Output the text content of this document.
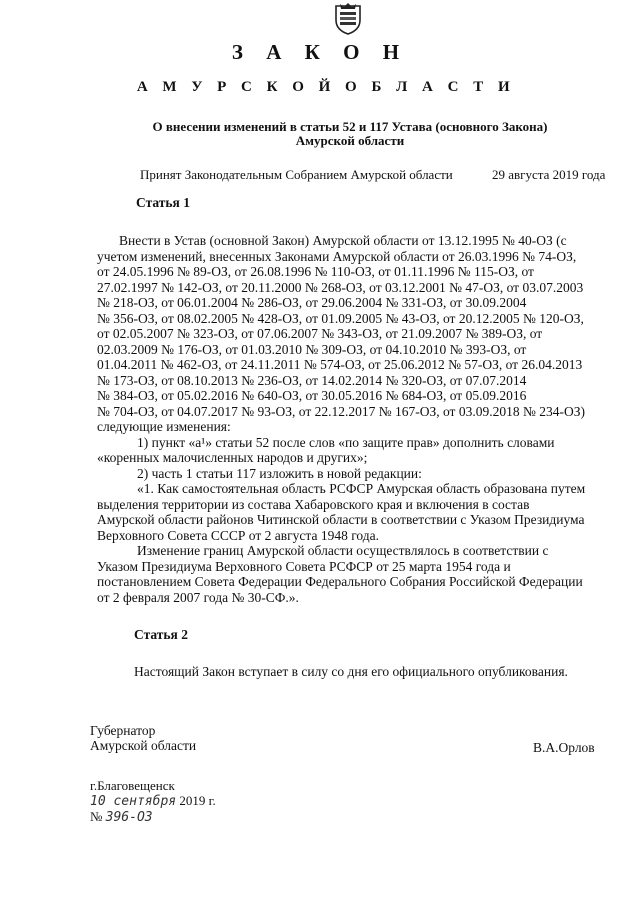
З А К О Н
А М У Р С К О Й О Б Л А С Т И
О внесении изменений в статьи 52 и 117 Устава (основного Закона)
Амурской области
Принят Законодательным Собранием Амурской области	29 августа 2019 года
Статья 1
Внести в Устав (основной Закон) Амурской области от 13.12.1995 № 40-ОЗ (с
учетом изменений, внесенных Законами Амурской области от 26.03.1996 № 74-ОЗ,
от 24.05.1996 № 89-ОЗ, от 26.08.1996 № 110-ОЗ, от 01.11.1996 № 115-ОЗ, от
27.02.1997 № 142-ОЗ, от 20.11.2000 № 268-ОЗ, от 03.12.2001 № 47-ОЗ, от 03.07.2003
№ 218-ОЗ, от 06.01.2004 № 286-ОЗ, от 29.06.2004 № 331-ОЗ, от 30.09.2004
№ 356-ОЗ, от 08.02.2005 № 428-ОЗ, от 01.09.2005 № 43-ОЗ, от 20.12.2005 № 120-ОЗ,
от 02.05.2007 № 323-ОЗ, от 07.06.2007 № 343-ОЗ, от 21.09.2007 № 389-ОЗ, от
02.03.2009 № 176-ОЗ, от 01.03.2010 № 309-ОЗ, от 04.10.2010 № 393-ОЗ, от
01.04.2011 № 462-ОЗ, от 24.11.2011 № 574-ОЗ, от 25.06.2012 № 57-ОЗ, от 26.04.2013
№ 173-ОЗ, от 08.10.2013 № 236-ОЗ, от 14.02.2014 № 320-ОЗ, от 07.07.2014
№ 384-ОЗ, от 05.02.2016 № 640-ОЗ, от 30.05.2016 № 684-ОЗ, от 05.09.2016
№ 704-ОЗ, от 04.07.2017 № 93-ОЗ, от 22.12.2017 № 167-ОЗ, от 03.09.2018 № 234-ОЗ)
следующие изменения:
1) пункт «а¹» статьи 52 после слов «по защите прав» дополнить словами
«коренных малочисленных народов и других»;
2) часть 1 статьи 117 изложить в новой редакции:
«1. Как самостоятельная область РСФСР Амурская область образована путем
выделения территории из состава Хабаровского края и включения в состав
Амурской области районов Читинской области в соответствии с Указом Президиума
Верховного Совета СССР от 2 августа 1948 года.
Изменение границ Амурской области осуществлялось в соответствии с
Указом Президиума Верховного Совета РСФСР от 25 марта 1954 года и
постановлением Совета Федерации Федерального Собрания Российской Федерации
от 2 февраля 2007 года № 30-СФ.».
Статья 2
Настоящий Закон вступает в силу со дня его официального опубликования.
Губернатор
Амурской области	В.А.Орлов
г.Благовещенск
10 сентября 2019 г.
№ 396-ОЗ
